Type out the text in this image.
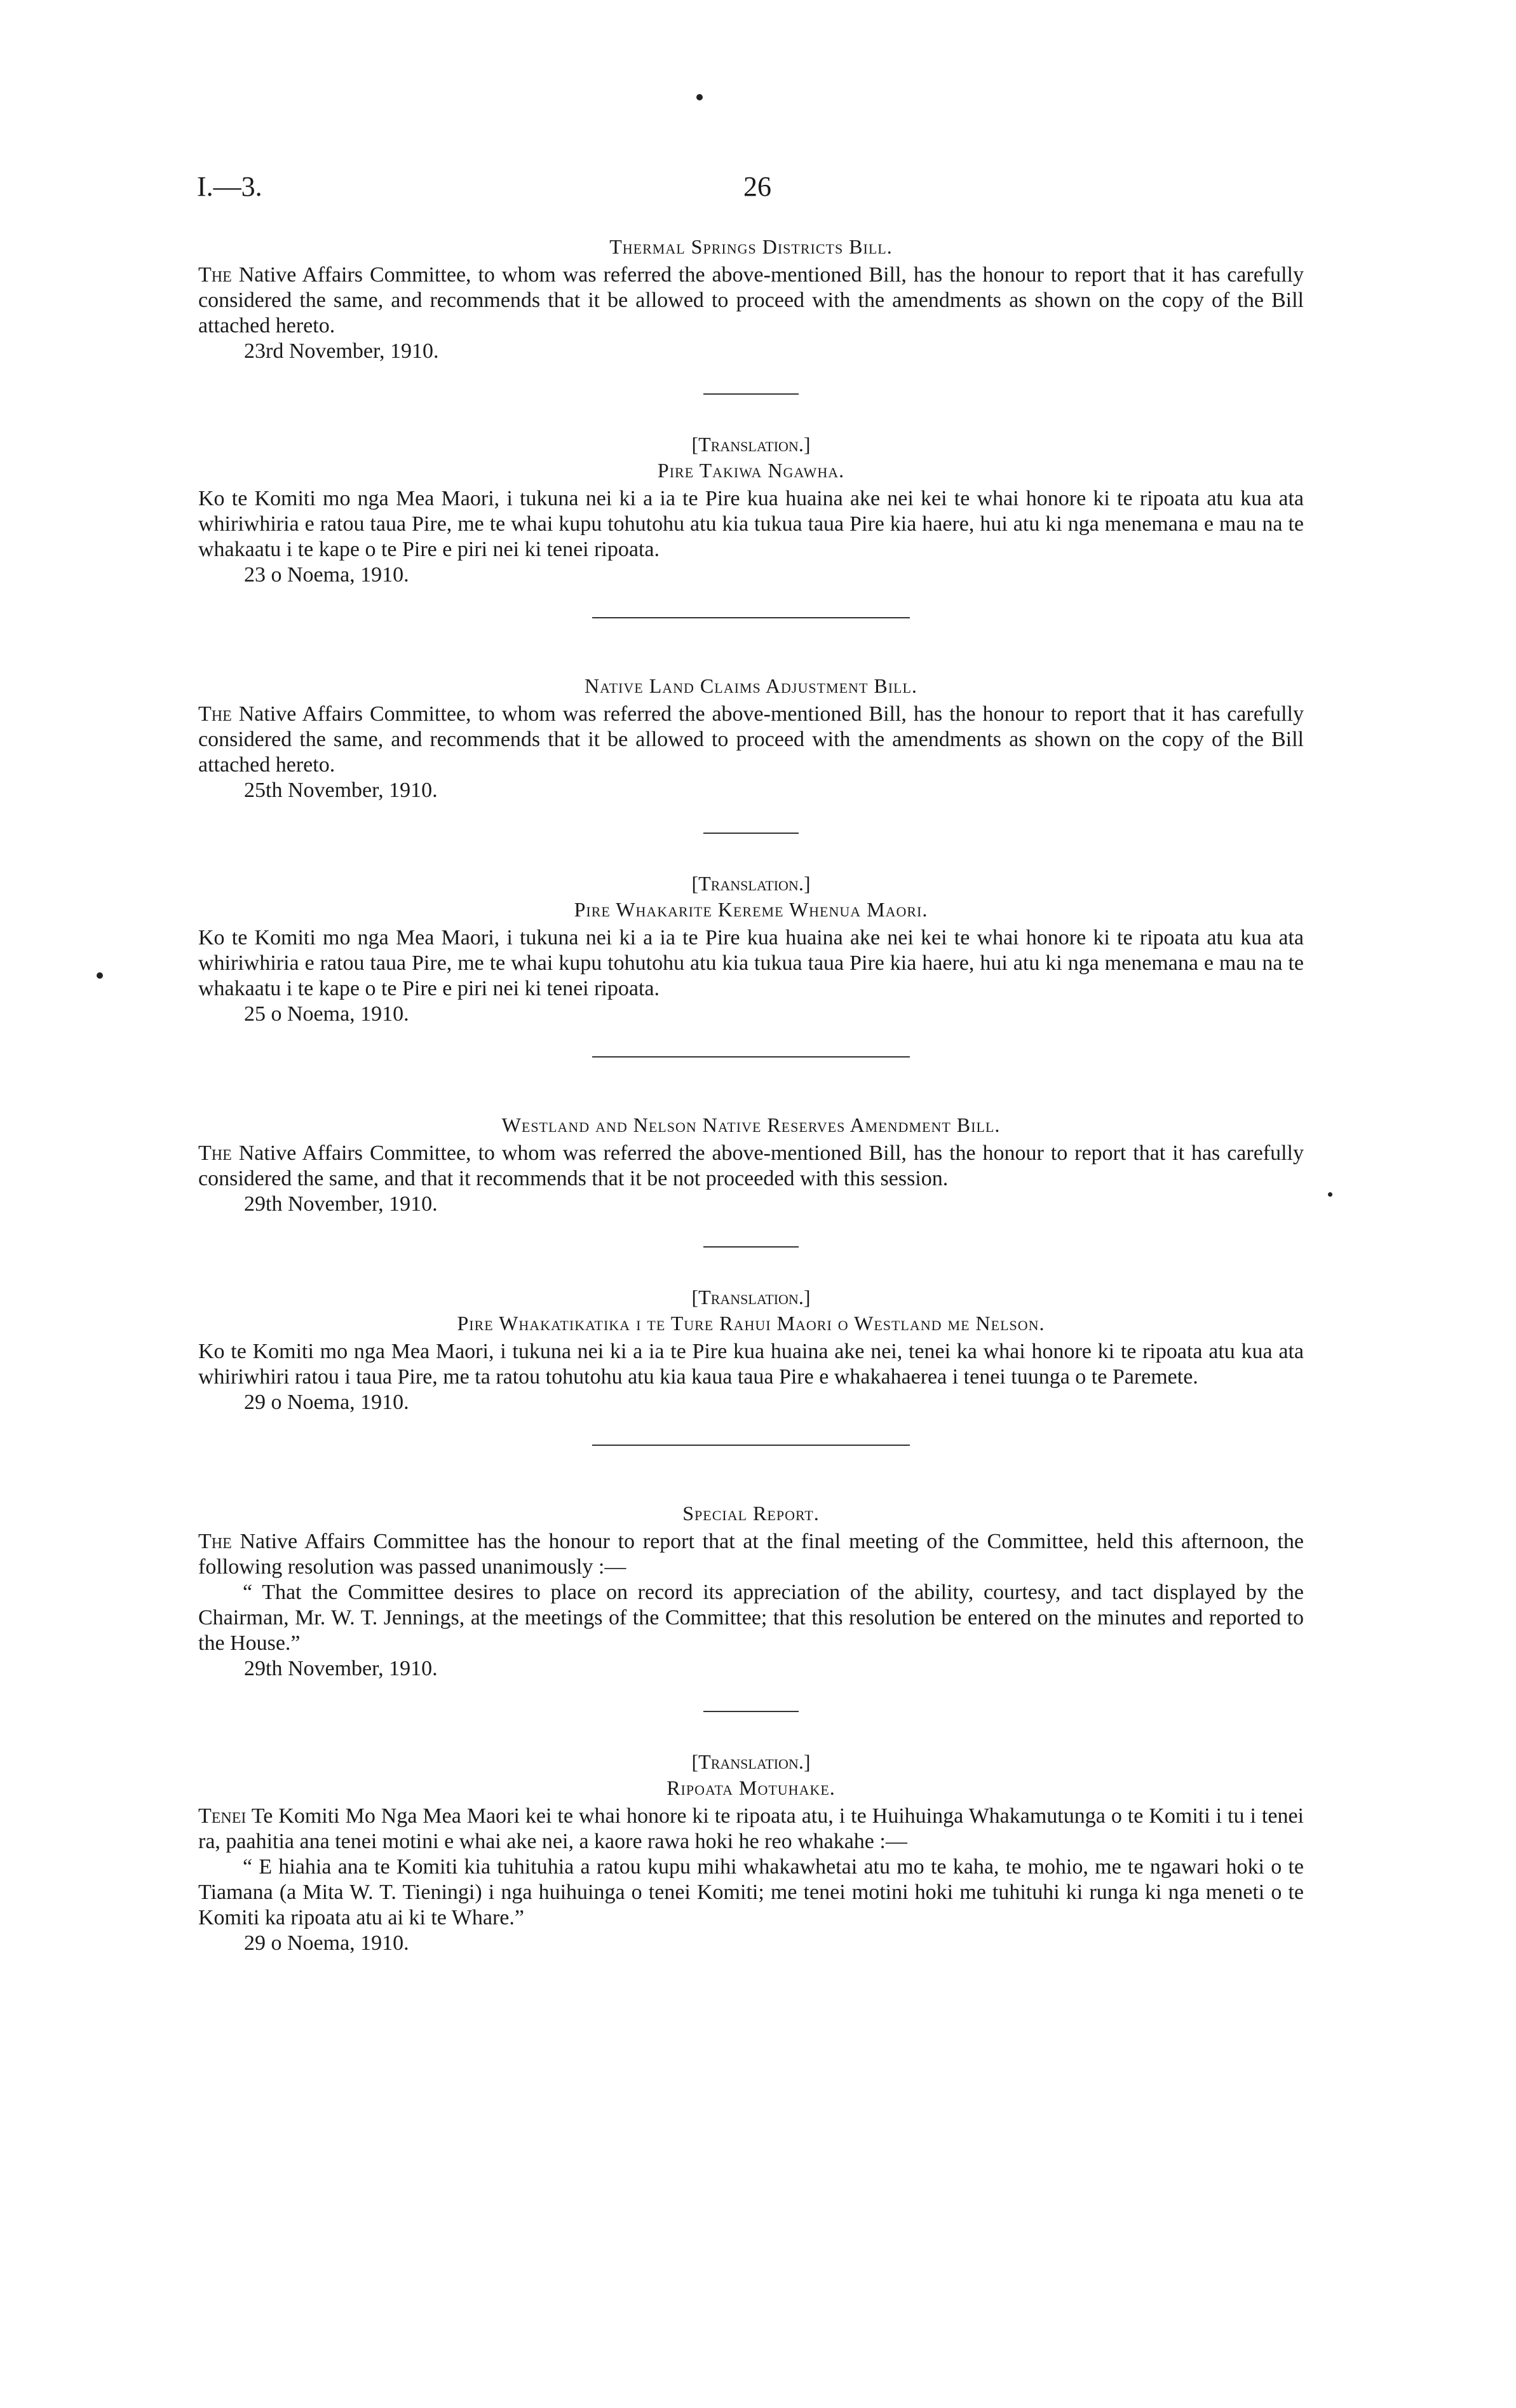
I.—3.	26

Thermal Springs Districts Bill.

The Native Affairs Committee, to whom was referred the above-mentioned Bill, has the honour to report that it has carefully considered the same, and recommends that it be allowed to proceed with the amendments as shown on the copy of the Bill attached hereto.

23rd November, 1910.

[Translation.]

Pire Takiwa Ngawha.

Ko te Komiti mo nga Mea Maori, i tukuna nei ki a ia te Pire kua huaina ake nei kei te whai honore ki te ripoata atu kua ata whiriwhiria e ratou taua Pire, me te whai kupu tohutohu atu kia tukua taua Pire kia haere, hui atu ki nga menemana e mau na te whakaatu i te kape o te Pire e piri nei ki tenei ripoata.

23 o Noema, 1910.

Native Land Claims Adjustment Bill.

The Native Affairs Committee, to whom was referred the above-mentioned Bill, has the honour to report that it has carefully considered the same, and recommends that it be allowed to proceed with the amendments as shown on the copy of the Bill attached hereto.

25th November, 1910.

[Translation.]

Pire Whakarite Kereme Whenua Maori.

Ko te Komiti mo nga Mea Maori, i tukuna nei ki a ia te Pire kua huaina ake nei kei te whai honore ki te ripoata atu kua ata whiriwhiria e ratou taua Pire, me te whai kupu tohutohu atu kia tukua taua Pire kia haere, hui atu ki nga menemana e mau na te whakaatu i te kape o te Pire e piri nei ki tenei ripoata.

25 o Noema, 1910.

Westland and Nelson Native Reserves Amendment Bill.

The Native Affairs Committee, to whom was referred the above-mentioned Bill, has the honour to report that it has carefully considered the same, and that it recommends that it be not proceeded with this session.

29th November, 1910.

[Translation.]

Pire Whakatikatika i te Ture Rahui Maori o Westland me Nelson.

Ko te Komiti mo nga Mea Maori, i tukuna nei ki a ia te Pire kua huaina ake nei, tenei ka whai honore ki te ripoata atu kua ata whiriwhiri ratou i taua Pire, me ta ratou tohutohu atu kia kaua taua Pire e whakahaerea i tenei tuunga o te Paremete.

29 o Noema, 1910.

Special Report.

The Native Affairs Committee has the honour to report that at the final meeting of the Committee, held this afternoon, the following resolution was passed unanimously :—

“ That the Committee desires to place on record its appreciation of the ability, courtesy, and tact displayed by the Chairman, Mr. W. T. Jennings, at the meetings of the Committee; that this resolution be entered on the minutes and reported to the House.”

29th November, 1910.

[Translation.]

Ripoata Motuhake.

Tenei Te Komiti Mo Nga Mea Maori kei te whai honore ki te ripoata atu, i te Huihuinga Whakamutunga o te Komiti i tu i tenei ra, paahitia ana tenei motini e whai ake nei, a kaore rawa hoki he reo whakahe :—

“ E hiahia ana te Komiti kia tuhituhia a ratou kupu mihi whakawhetai atu mo te kaha, te mohio, me te ngawari hoki o te Tiamana (a Mita W. T. Tieningi) i nga huihuinga o tenei Komiti; me tenei motini hoki me tuhituhi ki runga ki nga meneti o te Komiti ka ripoata atu ai ki te Whare.”

29 o Noema, 1910.
